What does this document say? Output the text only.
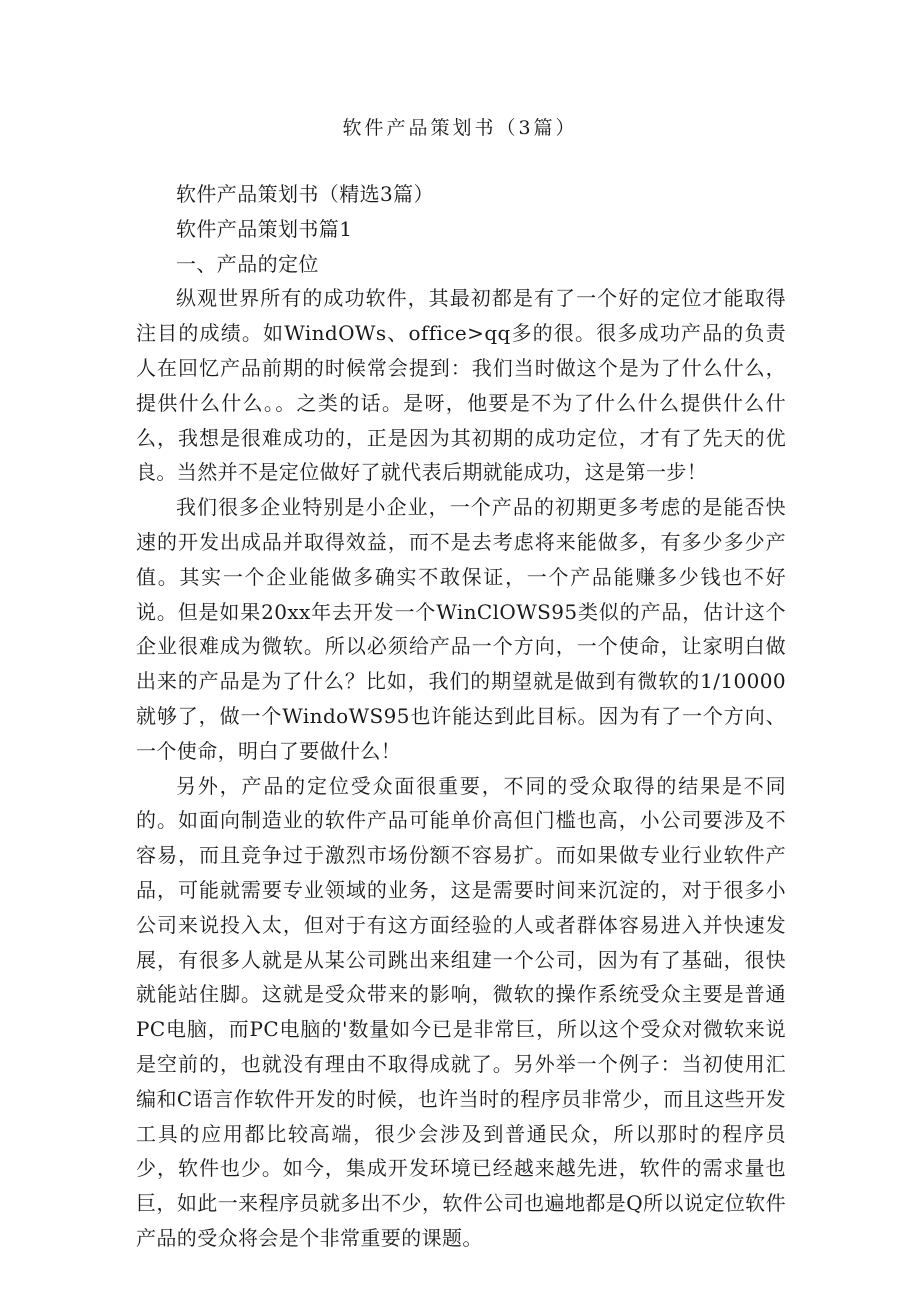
软件产品策划书（3篇）

软件产品策划书（精选3篇）

软件产品策划书篇1

一、产品的定位

纵观世界所有的成功软件，其最初都是有了一个好的定位才能取得注目的成绩。如WindOWs、office>qq多的很。很多成功产品的负责人在回忆产品前期的时候常会提到：我们当时做这个是为了什么什么，提供什么什么。。之类的话。是呀，他要是不为了什么什么提供什么什么，我想是很难成功的，正是因为其初期的成功定位，才有了先天的优良。当然并不是定位做好了就代表后期就能成功，这是第一步！

我们很多企业特别是小企业，一个产品的初期更多考虑的是能否快速的开发出成品并取得效益，而不是去考虑将来能做多，有多少多少产值。其实一个企业能做多确实不敢保证，一个产品能赚多少钱也不好说。但是如果20xx年去开发一个WinClOWS95类似的产品，估计这个企业很难成为微软。所以必须给产品一个方向，一个使命，让家明白做出来的产品是为了什么？比如，我们的期望就是做到有微软的1/10000就够了，做一个WindoWS95也许能达到此目标。因为有了一个方向、一个使命，明白了要做什么！

另外，产品的定位受众面很重要，不同的受众取得的结果是不同的。如面向制造业的软件产品可能单价高但门槛也高，小公司要涉及不容易，而且竞争过于激烈市场份额不容易扩。而如果做专业行业软件产品，可能就需要专业领域的业务，这是需要时间来沉淀的，对于很多小公司来说投入太，但对于有这方面经验的人或者群体容易进入并快速发展，有很多人就是从某公司跳出来组建一个公司，因为有了基础，很快就能站住脚。这就是受众带来的影响，微软的操作系统受众主要是普通PC电脑，而PC电脑的'数量如今已是非常巨，所以这个受众对微软来说是空前的，也就没有理由不取得成就了。另外举一个例子：当初使用汇编和C语言作软件开发的时候，也许当时的程序员非常少，而且这些开发工具的应用都比较高端，很少会涉及到普通民众，所以那时的程序员少，软件也少。如今，集成开发环境已经越来越先进，软件的需求量也巨，如此一来程序员就多出不少，软件公司也遍地都是Q所以说定位软件产品的受众将会是个非常重要的课题。
